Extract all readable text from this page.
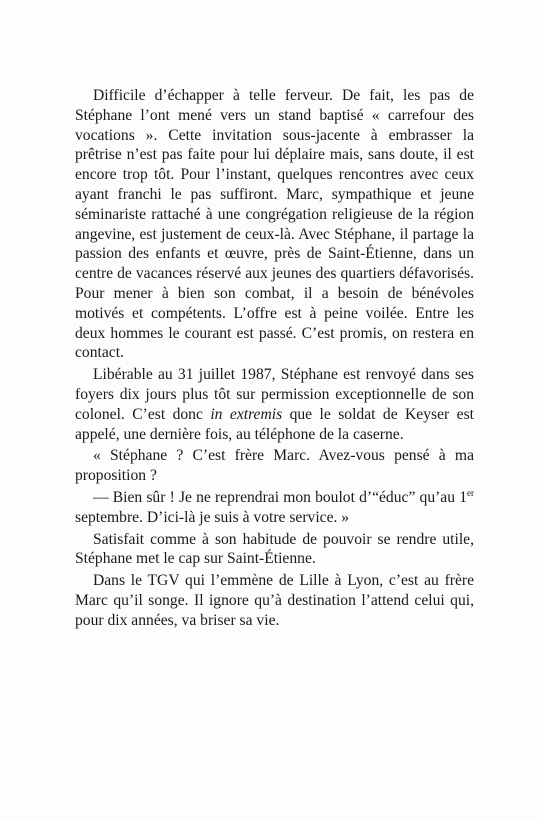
Difficile d’échapper à telle ferveur. De fait, les pas de Stéphane l’ont mené vers un stand baptisé « carrefour des vocations ». Cette invitation sous-jacente à embrasser la prêtrise n’est pas faite pour lui déplaire mais, sans doute, il est encore trop tôt. Pour l’instant, quelques rencontres avec ceux ayant franchi le pas suffiront. Marc, sympathique et jeune séminariste rattaché à une congrégation religieuse de la région angevine, est justement de ceux-là. Avec Stéphane, il partage la passion des enfants et œuvre, près de Saint-Étienne, dans un centre de vacances réservé aux jeunes des quartiers défavorisés. Pour mener à bien son combat, il a besoin de bénévoles motivés et compétents. L’offre est à peine voilée. Entre les deux hommes le courant est passé. C’est promis, on restera en contact.

Libérable au 31 juillet 1987, Stéphane est renvoyé dans ses foyers dix jours plus tôt sur permission exceptionnelle de son colonel. C’est donc in extremis que le soldat de Keyser est appelé, une dernière fois, au téléphone de la caserne.

« Stéphane ? C’est frère Marc. Avez-vous pensé à ma proposition ?

— Bien sûr ! Je ne reprendrai mon boulot d’“éduc” qu’au 1er septembre. D’ici-là je suis à votre service. »

Satisfait comme à son habitude de pouvoir se rendre utile, Stéphane met le cap sur Saint-Étienne.

Dans le TGV qui l’emmène de Lille à Lyon, c’est au frère Marc qu’il songe. Il ignore qu’à destination l’attend celui qui, pour dix années, va briser sa vie.
